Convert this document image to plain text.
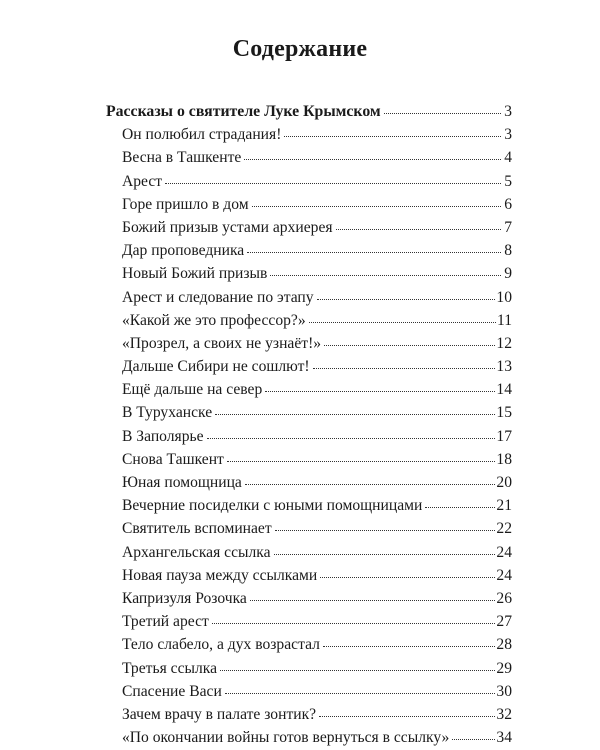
Содержание
Рассказы о святителе Луке Крымском	3
Он полюбил страдания!	3
Весна в Ташкенте	4
Арест	5
Горе пришло в дом	6
Божий призыв устами архиерея	7
Дар проповедника	8
Новый Божий призыв	9
Арест и следование по этапу	10
«Какой же это профессор?»	11
«Прозрел, а своих не узнаёт!»	12
Дальше Сибири не сошлют!	13
Ещё дальше на север	14
В Туруханске	15
В Заполярье	17
Снова Ташкент	18
Юная помощница	20
Вечерние посиделки с юными помощницами	21
Святитель вспоминает	22
Архангельская ссылка	24
Новая пауза между ссылками	24
Капризуля Розочка	26
Третий арест	27
Тело слабело, а дух возрастал	28
Третья ссылка	29
Спасение Васи	30
Зачем врачу в палате зонтик?	32
«По окончании войны готов вернуться в ссылку»	34
